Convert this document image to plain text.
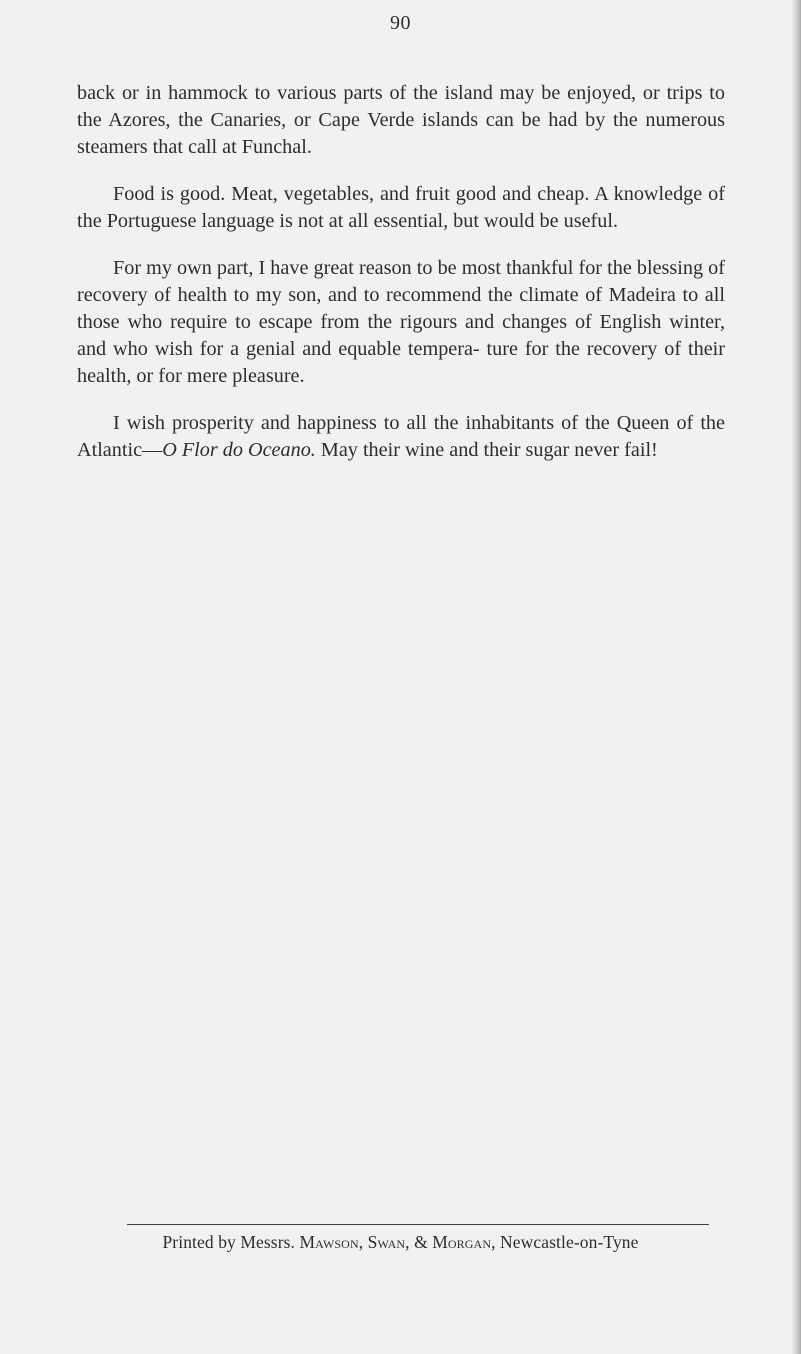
90

back or in hammock to various parts of the island may be enjoyed, or trips to the Azores, the Canaries, or Cape Verde islands can be had by the numerous steamers that call at Funchal.

Food is good. Meat, vegetables, and fruit good and cheap. A knowledge of the Portuguese language is not at all essential, but would be useful.

For my own part, I have great reason to be most thankful for the blessing of recovery of health to my son, and to recommend the climate of Madeira to all those who require to escape from the rigours and changes of English winter, and who wish for a genial and equable tempera- ture for the recovery of their health, or for mere pleasure.

I wish prosperity and happiness to all the inhabitants of the Queen of the Atlantic—O Flor do Oceano. May their wine and their sugar never fail!

Printed by Messrs. Mawson, Swan, & Morgan, Newcastle-on-Tyne
